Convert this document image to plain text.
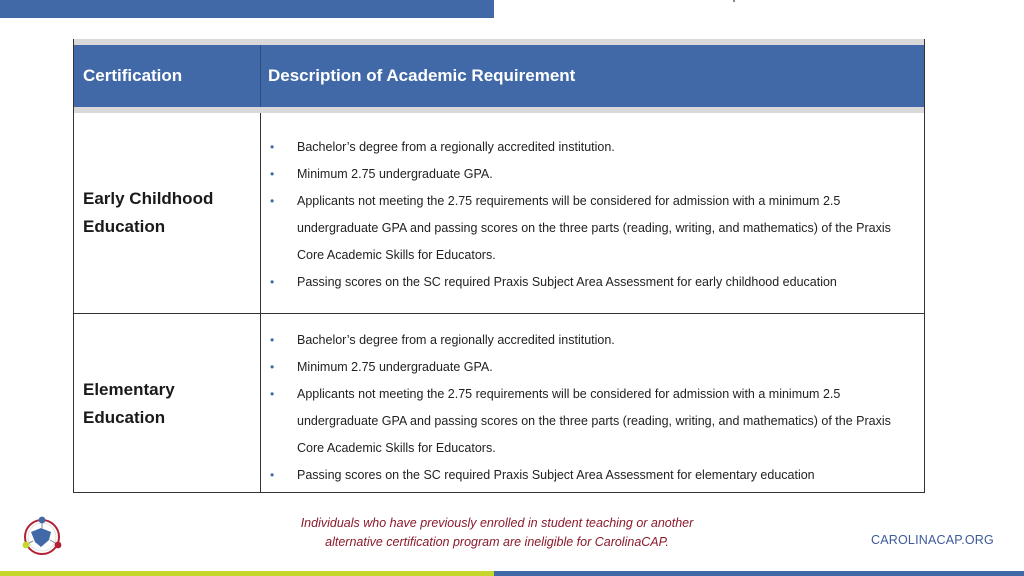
Certification	Description of Academic Requirement
Early Childhood
Education
• Bachelor’s degree from a regionally accredited institution.
• Minimum 2.75 undergraduate GPA.
• Applicants not meeting the 2.75 requirements will be considered for admission with a minimum 2.5 undergraduate GPA and passing scores on the three parts (reading, writing, and mathematics) of the Praxis Core Academic Skills for Educators.
• Passing scores on the SC required Praxis Subject Area Assessment for early childhood education
Elementary
Education
• Bachelor’s degree from a regionally accredited institution.
• Minimum 2.75 undergraduate GPA.
• Applicants not meeting the 2.75 requirements will be considered for admission with a minimum 2.5 undergraduate GPA and passing scores on the three parts (reading, writing, and mathematics) of the Praxis Core Academic Skills for Educators.
• Passing scores on the SC required Praxis Subject Area Assessment for elementary education
Individuals who have previously enrolled in student teaching or another
alternative certification program are ineligible for CarolinaCAP.	CAROLINACAP.ORG
